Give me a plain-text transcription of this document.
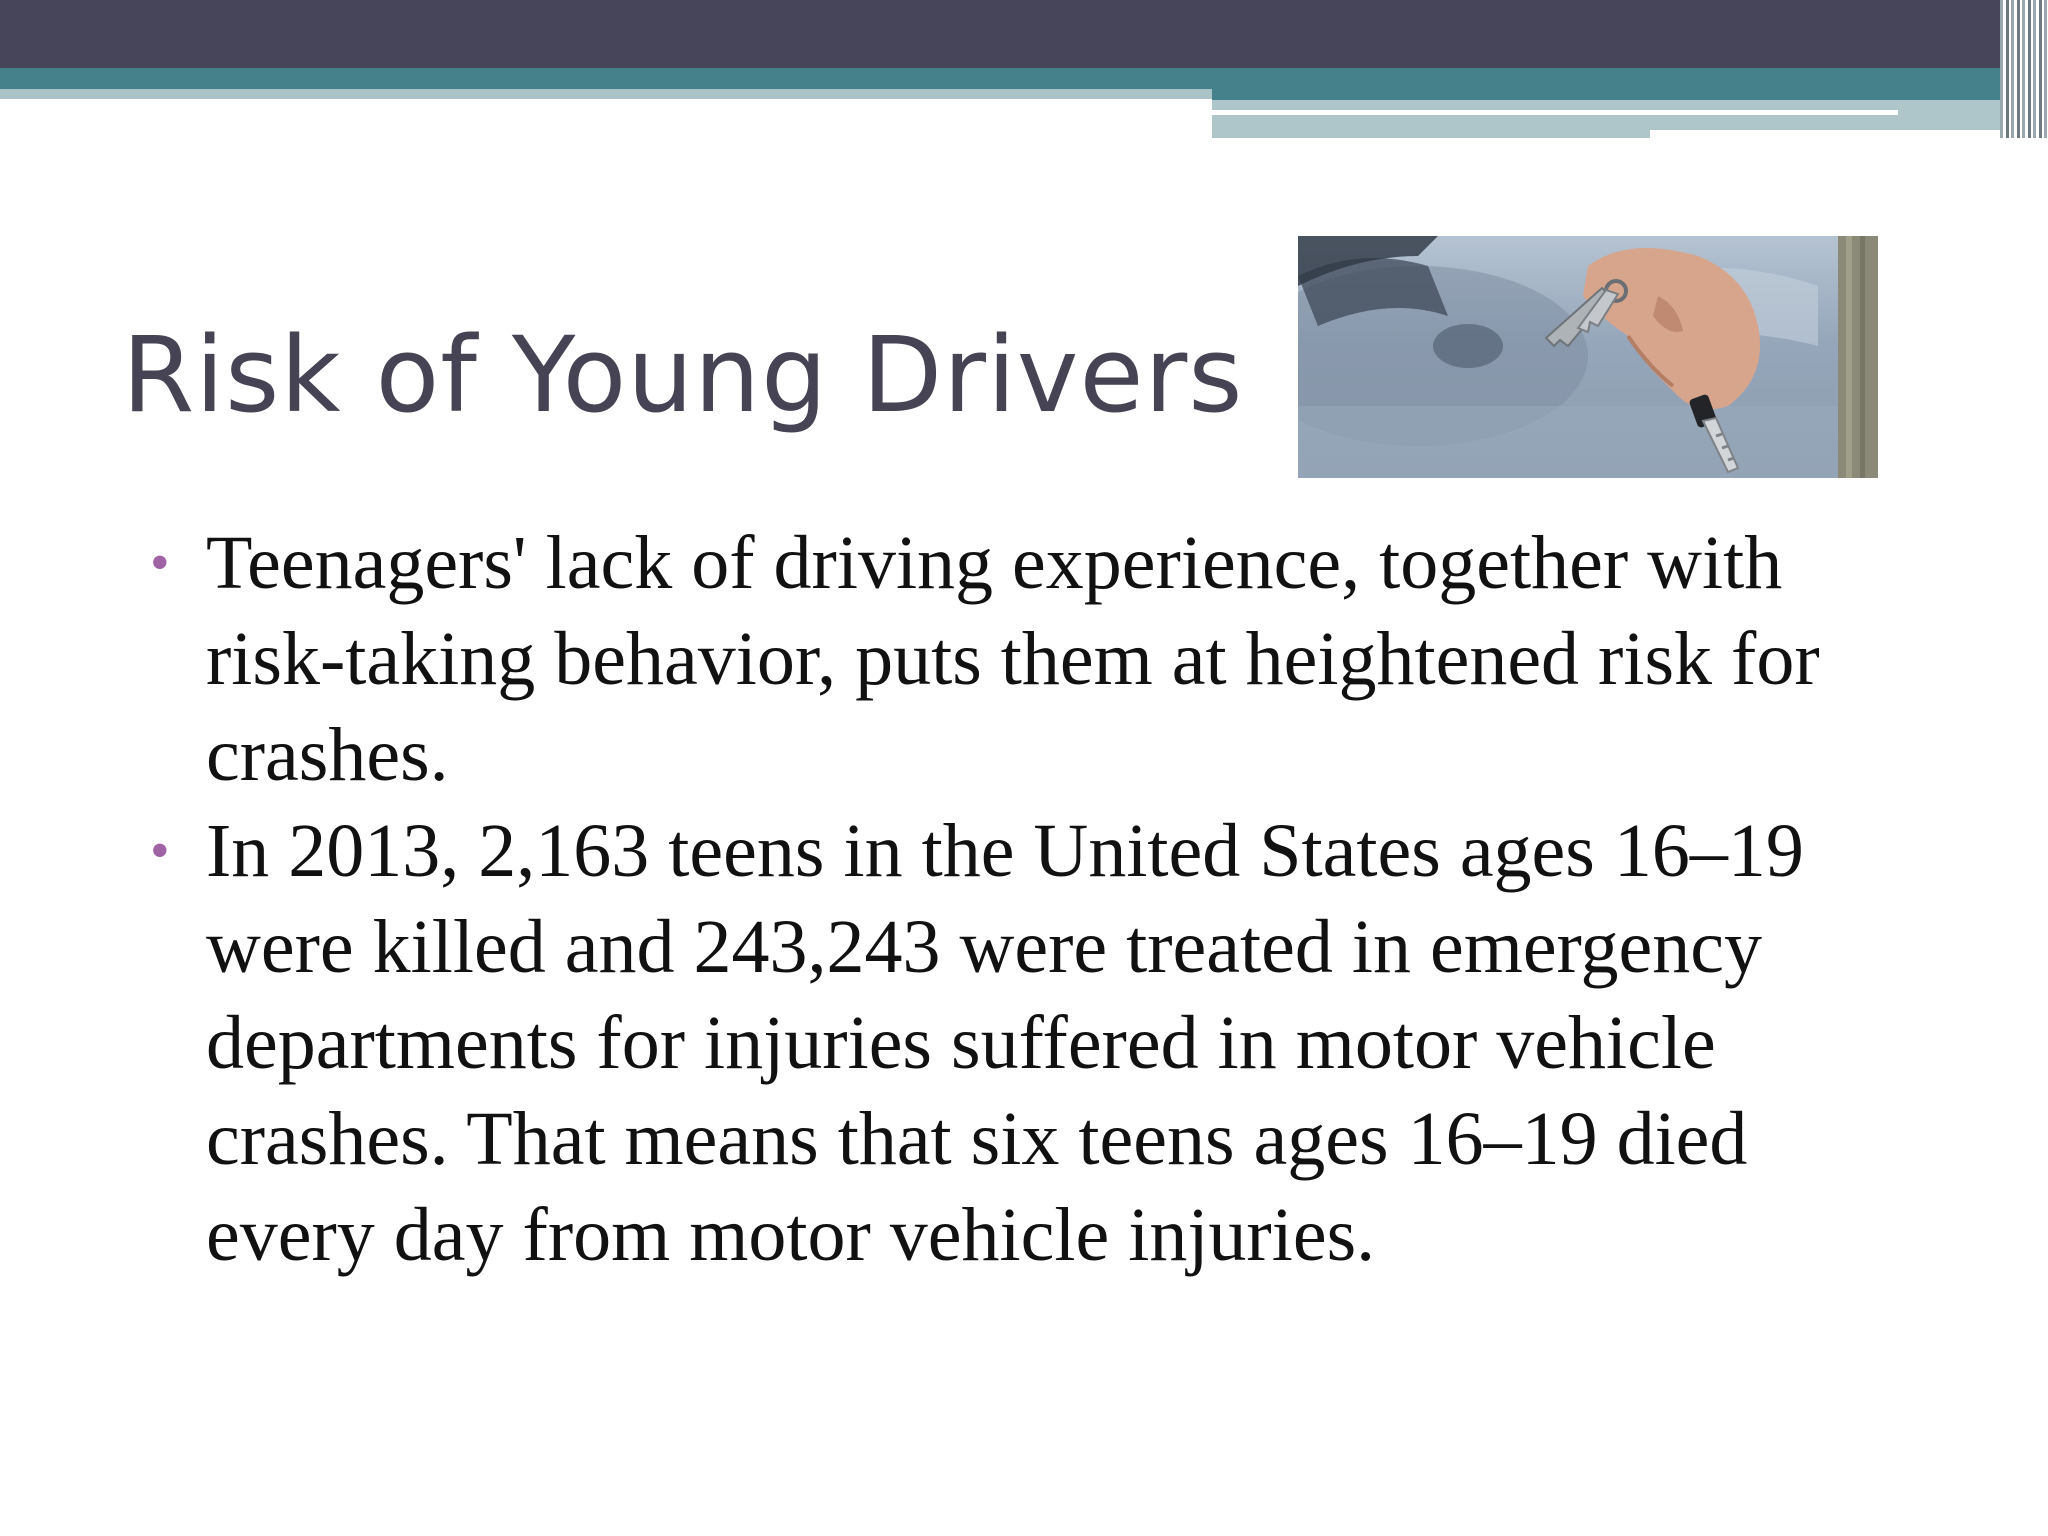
Risk of Young Drivers
• Teenagers' lack of driving experience, together with risk-taking behavior, puts them at heightened risk for crashes.
• In 2013, 2,163 teens in the United States ages 16–19 were killed and 243,243 were treated in emergency departments for injuries suffered in motor vehicle crashes. That means that six teens ages 16–19 died every day from motor vehicle injuries.
